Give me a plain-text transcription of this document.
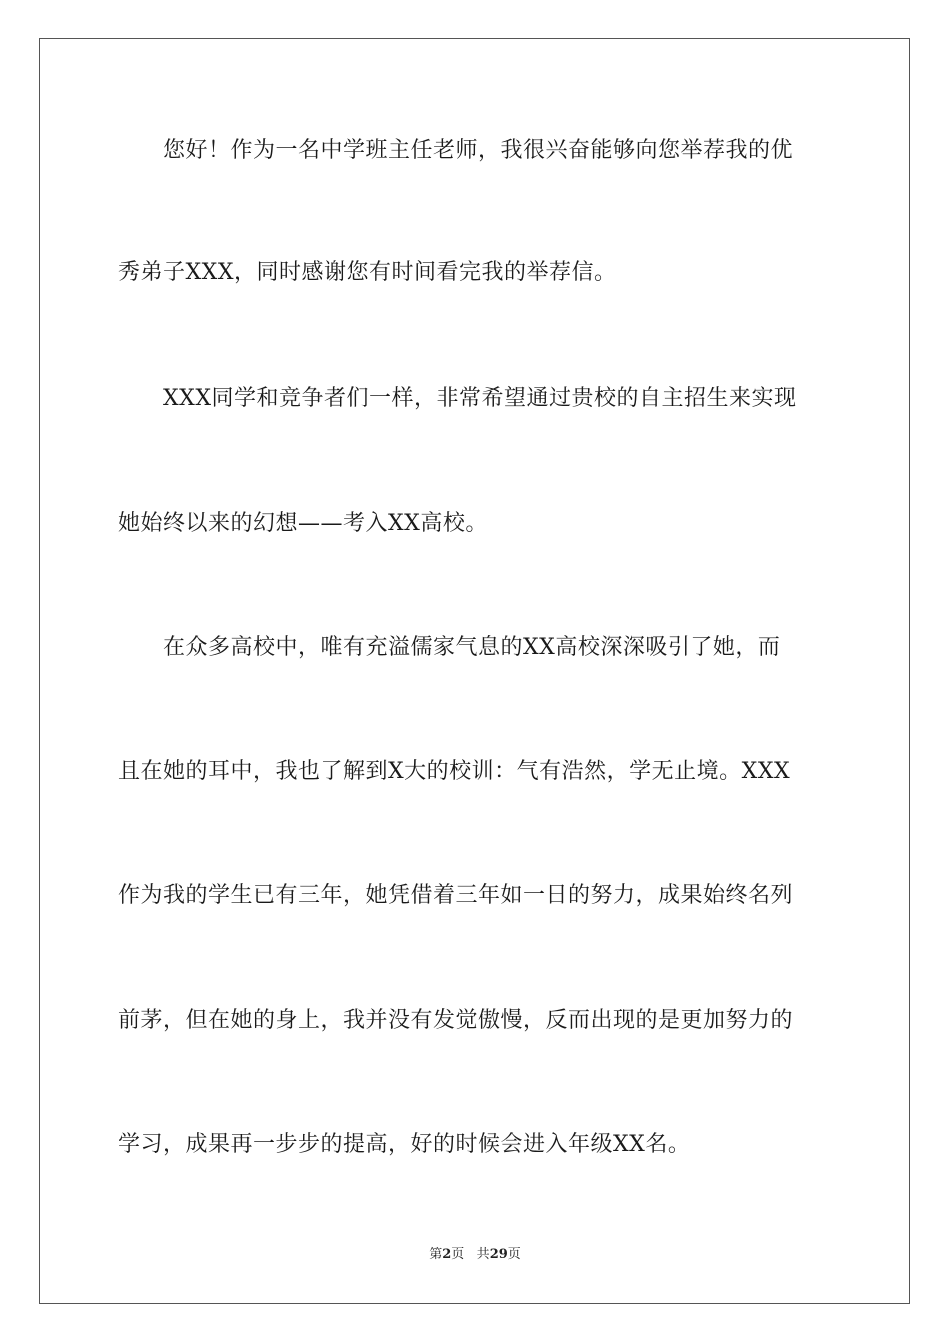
您好！作为一名中学班主任老师，我很兴奋能够向您举荐我的优
秀弟子XXX，同时感谢您有时间看完我的举荐信。
XXX同学和竞争者们一样，非常希望通过贵校的自主招生来实现
她始终以来的幻想——考入XX高校。
在众多高校中，唯有充溢儒家气息的XX高校深深吸引了她，而
且在她的耳中，我也了解到X大的校训：气有浩然，学无止境。XXX
作为我的学生已有三年，她凭借着三年如一日的努力，成果始终名列
前茅，但在她的身上，我并没有发觉傲慢，反而出现的是更加努力的
学习，成果再一步步的提高，好的时候会进入年级XX名。
第2页 共29页
